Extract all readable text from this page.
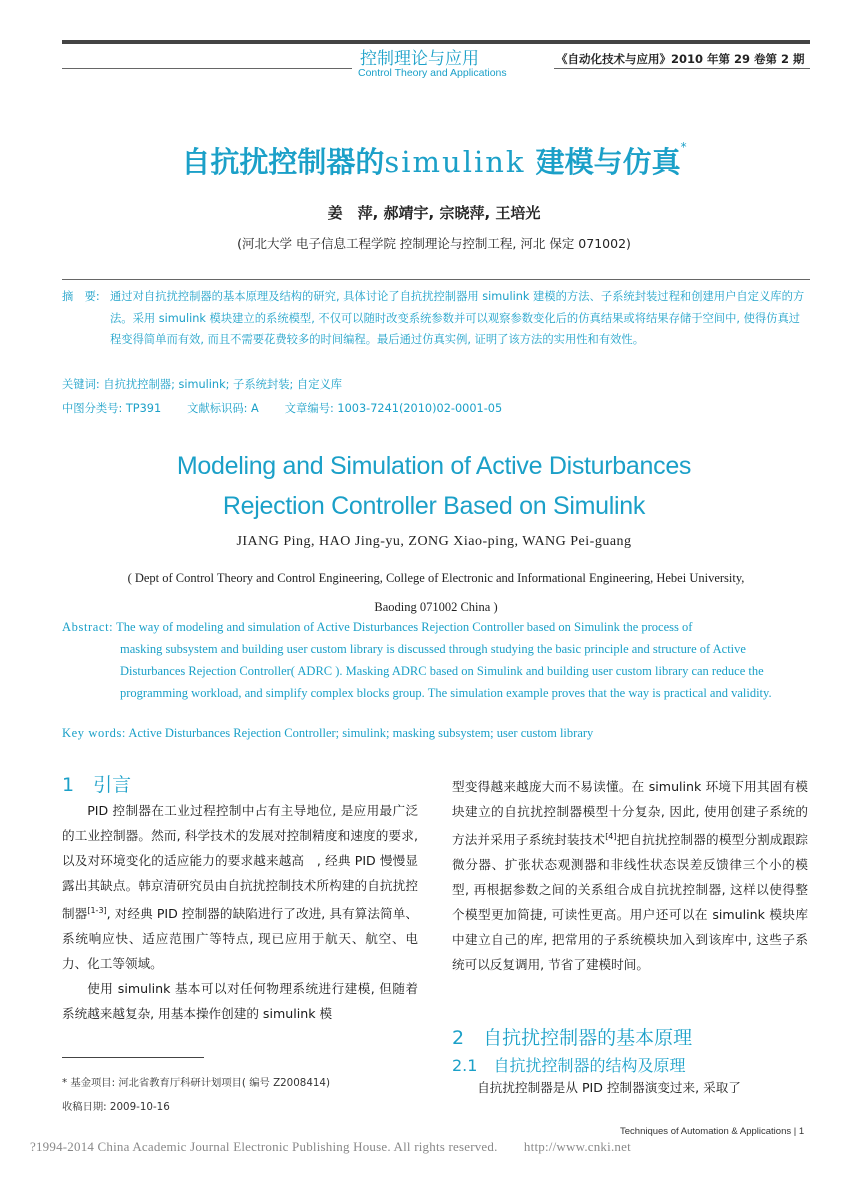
控制理论与应用
Control Theory and Applications
《自动化技术与应用》2010 年第 29 卷第 2 期
自抗扰控制器的simulink 建模与仿真*
姜　萍, 郝靖宇, 宗晓萍, 王培光
(河北大学 电子信息工程学院 控制理论与控制工程, 河北 保定 071002)
摘　要: 通过对自抗扰控制器的基本原理及结构的研究, 具体讨论了自抗扰控制器用 simulink 建模的方法、子系统封装过程和创建用户自定义库的方法。采用 simulink 模块建立的系统模型, 不仅可以随时改变系统参数并可以观察参数变化后的仿真结果或将结果存储于空间中, 使得仿真过程变得简单而有效, 而且不需要花费较多的时间编程。最后通过仿真实例, 证明了该方法的实用性和有效性。
关键词: 自抗扰控制器; simulink; 子系统封装; 自定义库
中图分类号: TP391 文献标识码: A 文章编号: 1003-7241(2010)02-0001-05
Modeling and Simulation of Active Disturbances
Rejection Controller Based on Simulink
JIANG Ping, HAO Jing-yu, ZONG Xiao-ping, WANG Pei-guang
( Dept of Control Theory and Control Engineering, College of Electronic and Informational Engineering, Hebei University,
Baoding 071002 China )
Abstract: The way of modeling and simulation of Active Disturbances Rejection Controller based on Simulink the process of
masking subsystem and building user custom library is discussed through studying the basic principle and structure of Active Disturbances Rejection Controller( ADRC ). Masking ADRC based on Simulink and building user custom library can reduce the programming workload, and simplify complex blocks group. The simulation example proves that the way is practical and validity.
Key words: Active Disturbances Rejection Controller; simulink; masking subsystem; user custom library
1　引言

PID 控制器在工业过程控制中占有主导地位, 是应用最广泛的工业控制器。然而, 科学技术的发展对控制精度和速度的要求, 以及对环境变化的适应能力的要求越来越高　, 经典 PID 慢慢显露出其缺点。韩京清研究员由自抗扰控制技术所构建的自抗扰控制器[1-3], 对经典 PID 控制器的缺陷进行了改进, 具有算法简单、系统响应快、适应范围广等特点, 现已应用于航天、航空、电力、化工等领域。

使用 simulink 基本可以对任何物理系统进行建模, 但随着系统越来越复杂, 用基本操作创建的 simulink 模

* 基金项目: 河北省教育厅科研计划项目( 编号 Z2008414)
收稿日期: 2009-10-16

型变得越来越庞大而不易读懂。在 simulink 环境下用其固有模块建立的自抗扰控制器模型十分复杂, 因此, 使用创建子系统的方法并采用子系统封装技术[4]把自抗扰控制器的模型分割成跟踪微分器、扩张状态观测器和非线性状态误差反馈律三个小的模型, 再根据参数之间的关系组合成自抗扰控制器, 这样以使得整个模型更加简捷, 可读性更高。用户还可以在 simulink 模块库中建立自己的库, 把常用的子系统模块加入到该库中, 这些子系统可以反复调用, 节省了建模时间。

2　自抗扰控制器的基本原理
2.1　自抗扰控制器的结构及原理

自抗扰控制器是从 PID 控制器演变过来, 采取了

Techniques of Automation & Applications | 1
?1994-2014 China Academic Journal Electronic Publishing House. All rights reserved.　　http://www.cnki.net
